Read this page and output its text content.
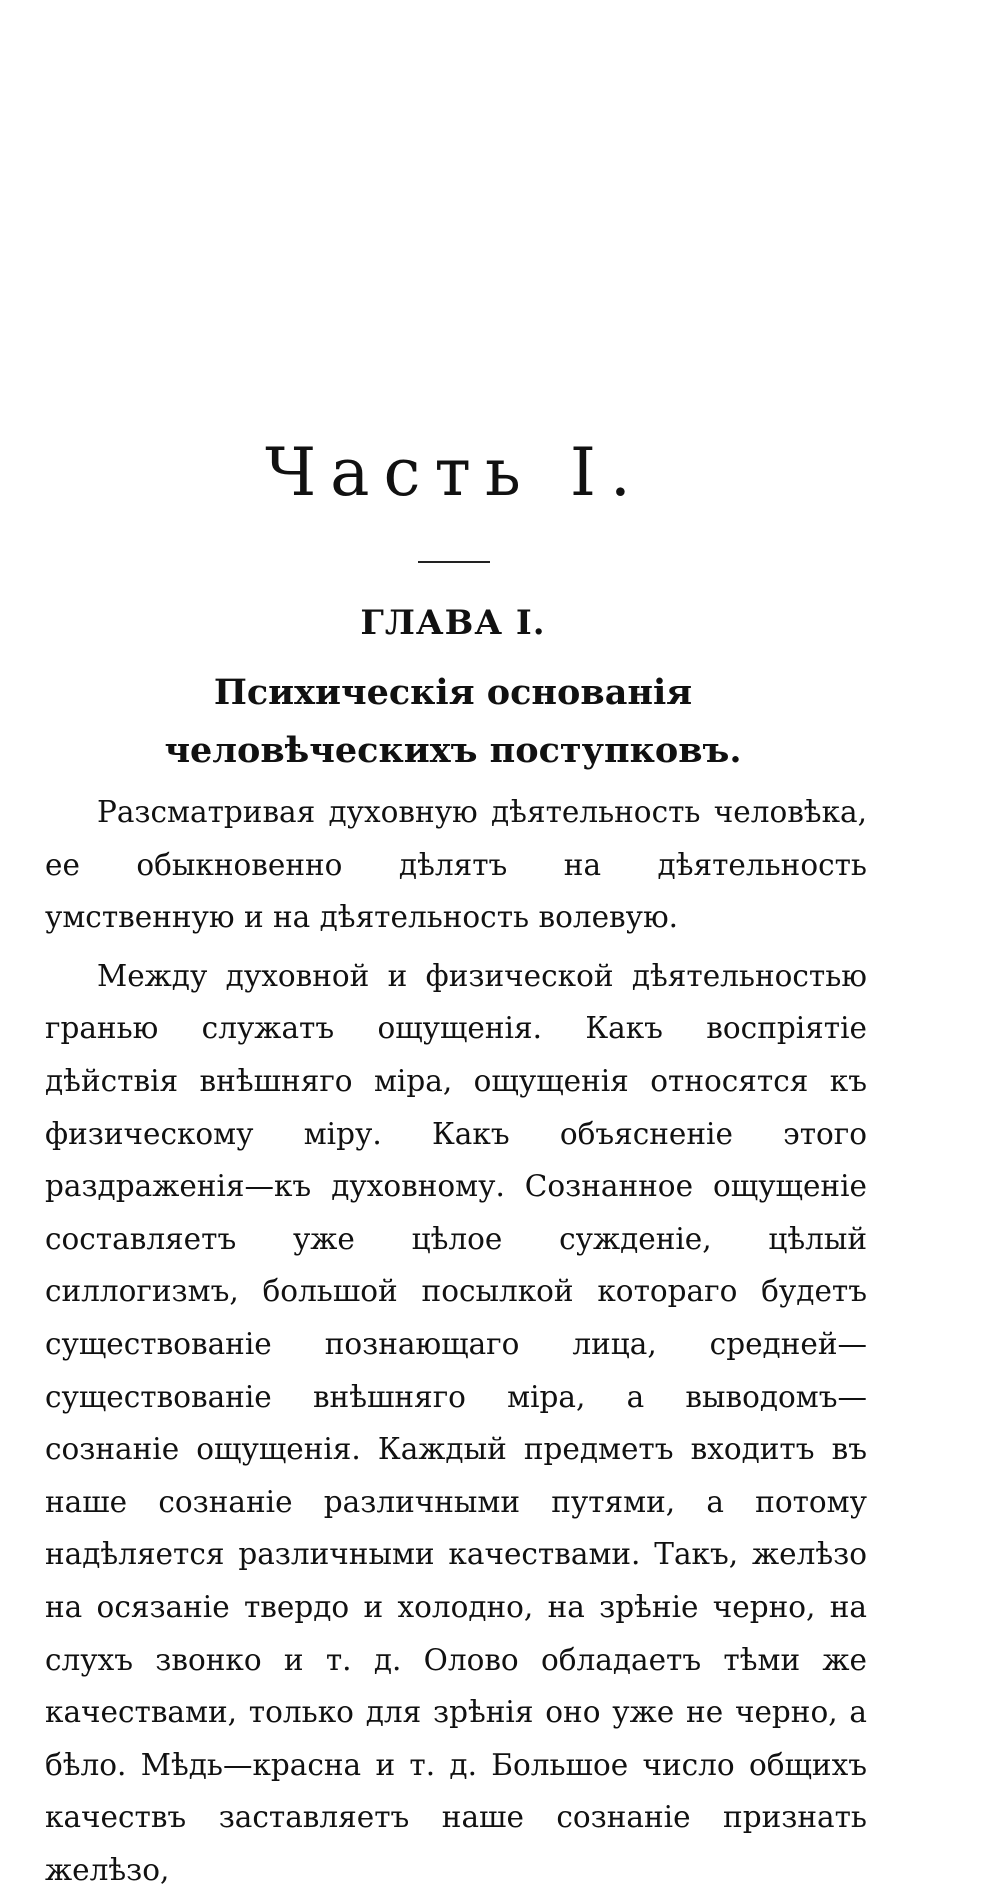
Часть I.
ГЛАВА I.
Психическія основанія человѣческихъ поступковъ.

Разсматривая духовную дѣятельность человѣка, ее обыкновенно дѣлятъ на дѣятельность умственную и на дѣятельность волевую.

Между духовной и физической дѣятельностью гранью служатъ ощущенія. Какъ воспріятіе дѣйствія внѣшняго міра, ощущенія относятся къ физическому міру. Какъ объясненіе этого раздраженія—къ духовному. Сознанное ощущеніе составляетъ уже цѣлое сужденіе, цѣлый силлогизмъ, большой посылкой котораго будетъ существованіе познающаго лица, средней—существованіе внѣшняго міра, а выводомъ—сознаніе ощущенія. Каждый предметъ входитъ въ наше сознаніе различными путями, а потому надѣляется различными качествами. Такъ, желѣзо на осязаніе твердо и холодно, на зрѣніе черно, на слухъ звонко и т. д. Олово обладаетъ тѣми же качествами, только для зрѣнія оно уже не черно, а бѣло. Мѣдь—красна и т. д. Большое число общихъ качествъ заставляетъ наше сознаніе признать желѣзо,
